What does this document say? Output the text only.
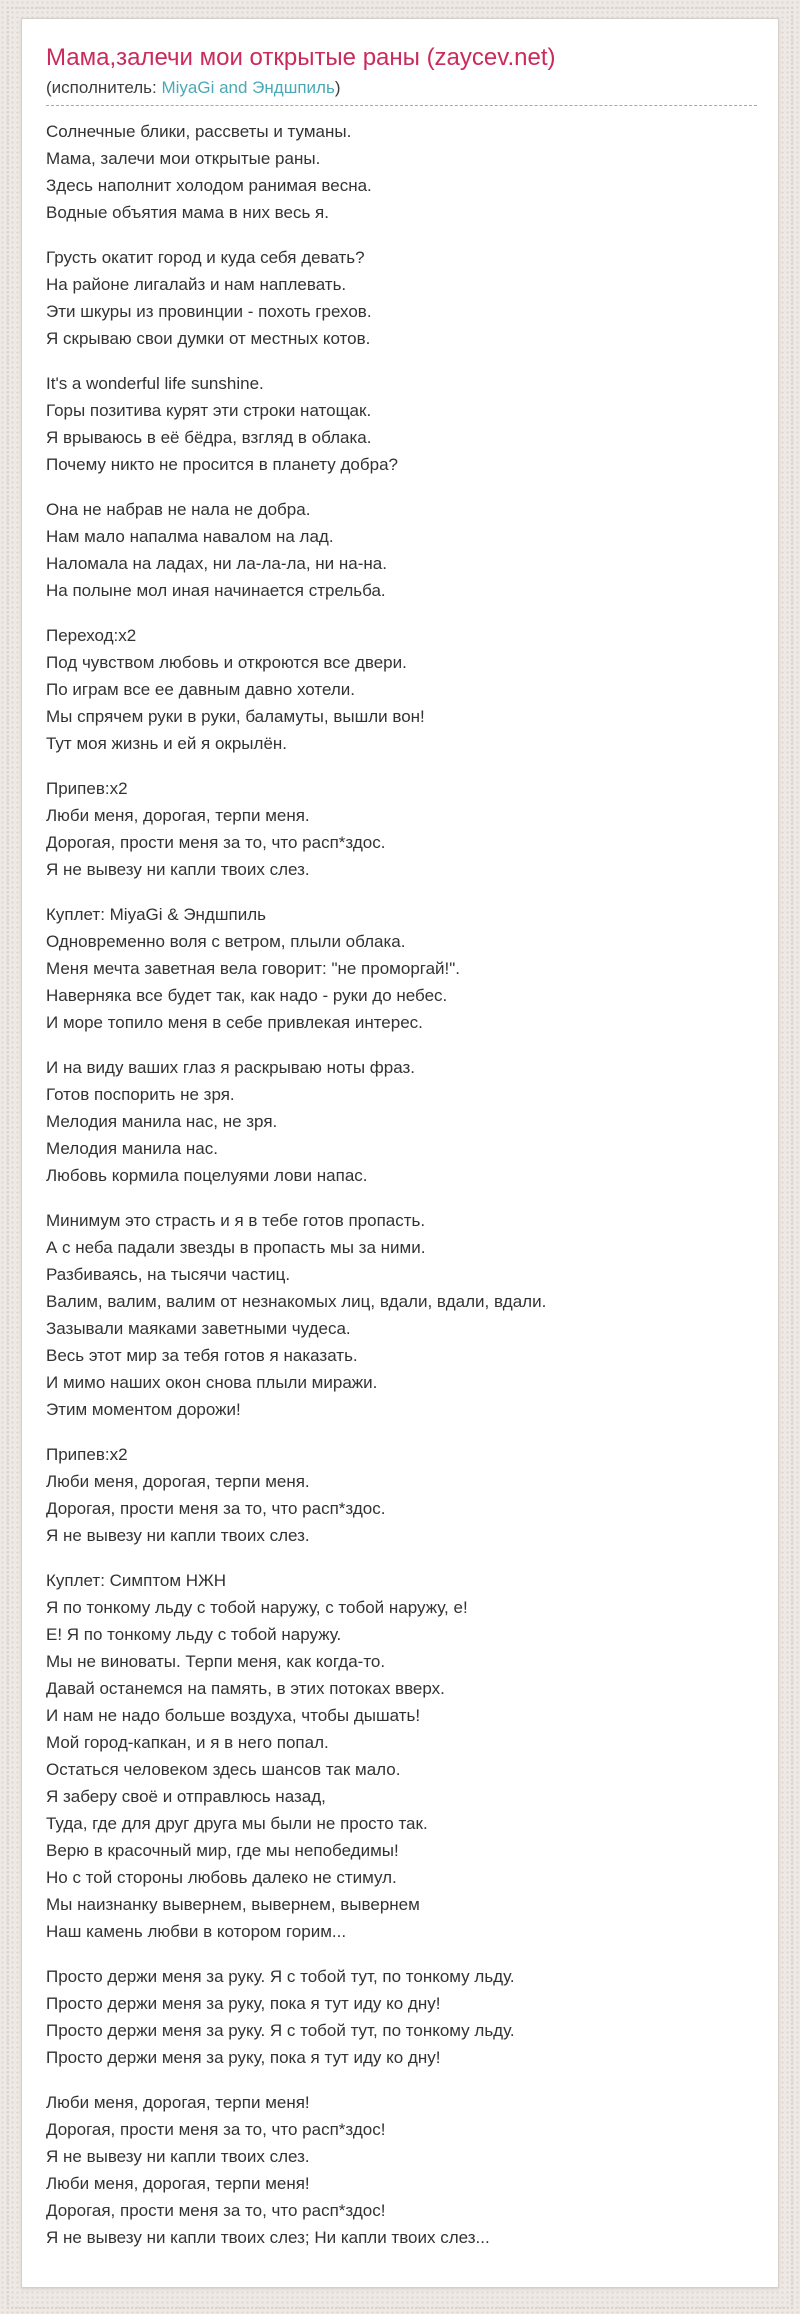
Мама,залечи мои открытые раны (zaycev.net)
(исполнитель: MiyaGi and Эндшпиль)

Солнечные блики, рассветы и туманы.
Мама, залечи мои открытые раны.
Здесь наполнит холодом ранимая весна.
Водные объятия мама в них весь я.

Грусть окатит город и куда себя девать?
На районе лигалайз и нам наплевать.
Эти шкуры из провинции - похоть грехов.
Я скрываю свои думки от местных котов.

It's a wonderful life sunshine.
Горы позитива курят эти строки натощак.
Я врываюсь в её бёдра, взгляд в облака.
Почему никто не просится в планету добра?

Она не набрав не нала не добра.
Нам мало напалма навалом на лад.
Наломала на ладах, ни ла-ла-ла, ни на-на.
На полыне мол иная начинается стрельба.

Переход:x2
Под чувством любовь и откроются все двери.
По играм все ее давным давно хотели.
Мы спрячем руки в руки, баламуты, вышли вон!
Тут моя жизнь и ей я окрылён.

Припев:x2
Люби меня, дорогая, терпи меня.
Дорогая, прости меня за то, что расп*здос.
Я не вывезу ни капли твоих слез.

Куплет: MiyaGi & Эндшпиль
Одновременно воля с ветром, плыли облака.
Меня мечта заветная вела говорит: "не проморгай!".
Наверняка все будет так, как надо - руки до небес.
И море топило меня в себе привлекая интерес.

И на виду ваших глаз я раскрываю ноты фраз.
Готов поспорить не зря.
Мелодия манила нас, не зря.
Мелодия манила нас.
Любовь кормила поцелуями лови напас.

Минимум это страсть и я в тебе готов пропасть.
А с неба падали звезды в пропасть мы за ними.
Разбиваясь, на тысячи частиц.
Валим, валим, валим от незнакомых лиц, вдали, вдали, вдали.
Зазывали маяками заветными чудеса.
Весь этот мир за тебя готов я наказать.
И мимо наших окон снова плыли миражи.
Этим моментом дорожи!

Припев:x2
Люби меня, дорогая, терпи меня.
Дорогая, прости меня за то, что расп*здос.
Я не вывезу ни капли твоих слез.

Куплет: Симптом НЖН
Я по тонкому льду с тобой наружу, с тобой наружу, е!
Е! Я по тонкому льду с тобой наружу.
Мы не виноваты. Терпи меня, как когда-то.
Давай останемся на память, в этих потоках вверх.
И нам не надо больше воздуха, чтобы дышать!
Мой город-капкан, и я в него попал.
Остаться человеком здесь шансов так мало.
Я заберу своё и отправлюсь назад,
Туда, где для друг друга мы были не просто так.
Верю в красочный мир, где мы непобедимы!
Но с той стороны любовь далеко не стимул.
Мы наизнанку вывернем, вывернем, вывернем
Наш камень любви в котором горим...

Просто держи меня за руку. Я с тобой тут, по тонкому льду.
Просто держи меня за руку, пока я тут иду ко дну!
Просто держи меня за руку. Я с тобой тут, по тонкому льду.
Просто держи меня за руку, пока я тут иду ко дну!

Люби меня, дорогая, терпи меня!
Дорогая, прости меня за то, что расп*здос!
Я не вывезу ни капли твоих слез.
Люби меня, дорогая, терпи меня!
Дорогая, прости меня за то, что расп*здос!
Я не вывезу ни капли твоих слез; Ни капли твоих слез...
